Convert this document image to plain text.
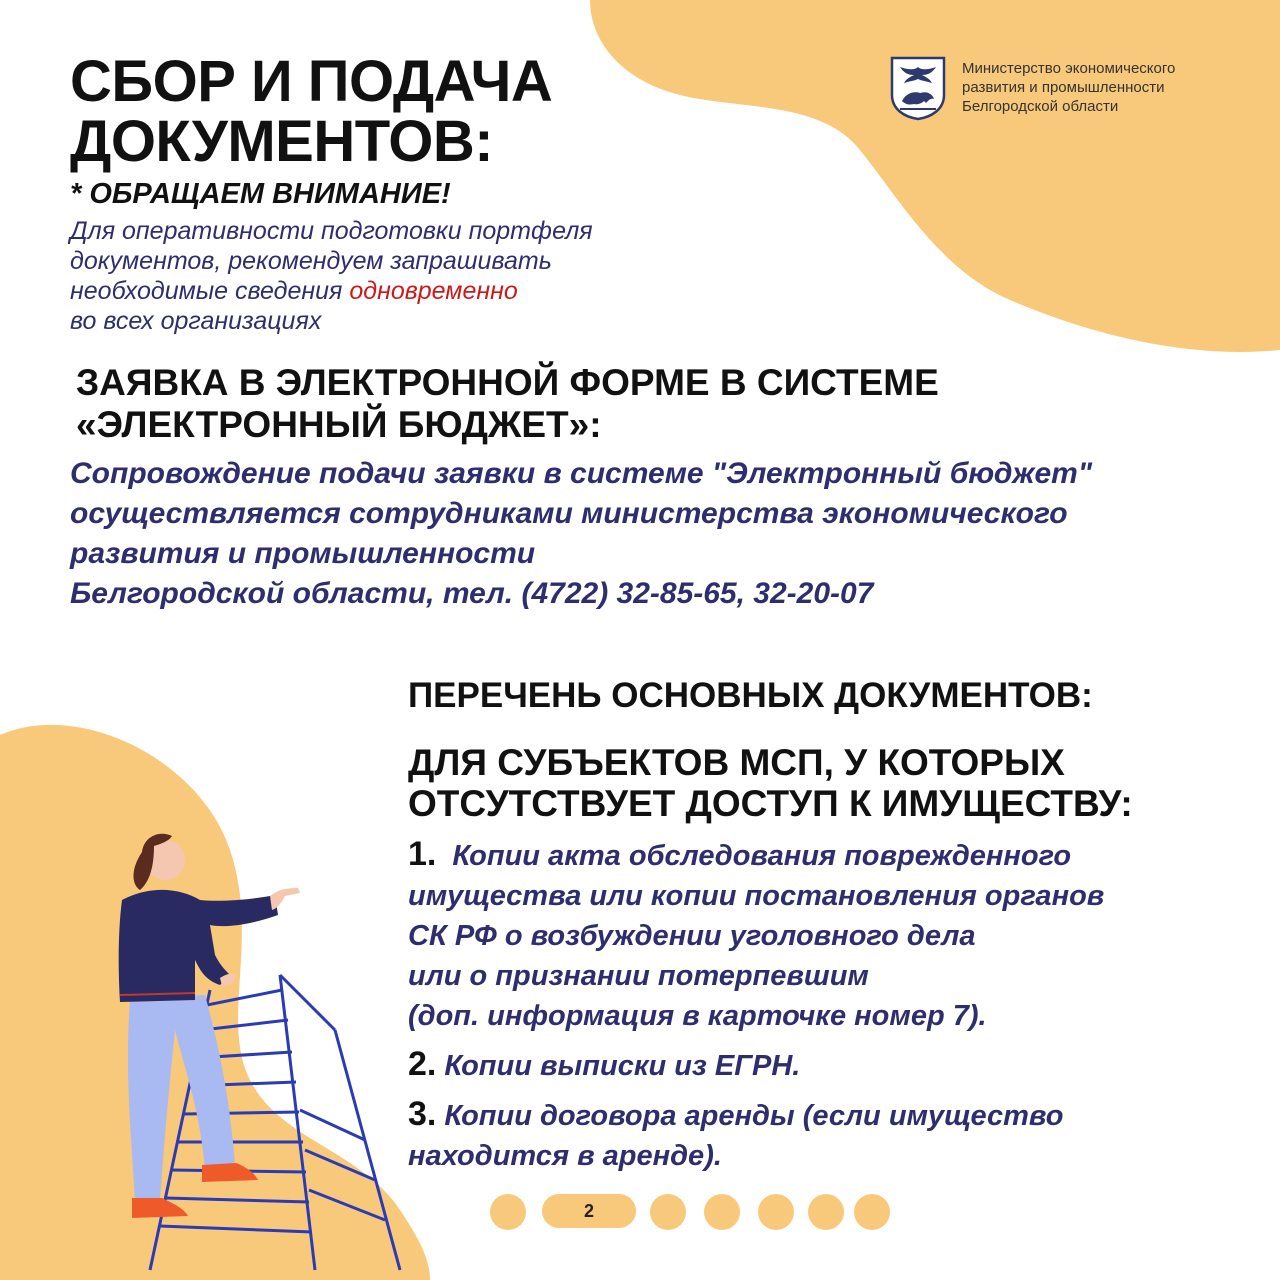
СБОР И ПОДАЧА
ДОКУМЕНТОВ:
Министерство экономического
развития и промышленности
Белгородской области
* ОБРАЩАЕМ ВНИМАНИЕ!
Для оперативности подготовки портфеля документов, рекомендуем запрашивать необходимые сведения одновременно
во всех организациях
ЗАЯВКА В ЭЛЕКТРОННОЙ ФОРМЕ В СИСТЕМЕ
«ЭЛЕКТРОННЫЙ БЮДЖЕТ»:
Сопровождение подачи заявки в системе "Электронный бюджет"
осуществляется сотрудниками министерства экономического
развития и промышленности
Белгородской области, тел. (4722) 32-85-65, 32-20-07
ПЕРЕЧЕНЬ ОСНОВНЫХ ДОКУМЕНТОВ:
ДЛЯ СУБЪЕКТОВ МСП, У КОТОРЫХ
ОТСУТСТВУЕТ ДОСТУП К ИМУЩЕСТВУ:
1. Копии акта обследования поврежденного
имущества или копии постановления органов
СК РФ о возбуждении уголовного дела
или о признании потерпевшим
(доп. информация в карточке номер 7).
2. Копии выписки из ЕГРН.
3. Копии договора аренды (если имущество
находится в аренде).
2
